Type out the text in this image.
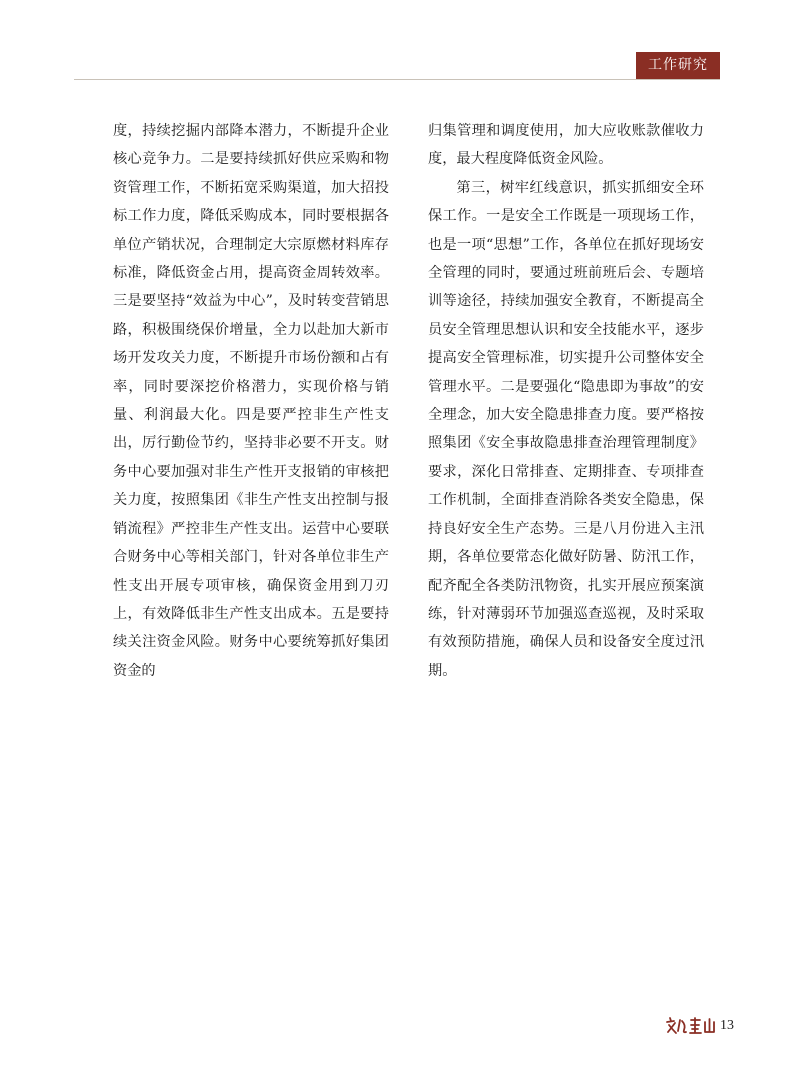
工作研究

度，持续挖掘内部降本潜力，不断提升企业核心竞争力。二是要持续抓好供应采购和物资管理工作，不断拓宽采购渠道，加大招投标工作力度，降低采购成本，同时要根据各单位产销状况，合理制定大宗原燃材料库存标准，降低资金占用，提高资金周转效率。三是要坚持“效益为中心”，及时转变营销思路，积极围绕保价增量，全力以赴加大新市场开发攻关力度，不断提升市场份额和占有率，同时要深挖价格潜力，实现价格与销量、利润最大化。四是要严控非生产性支出，厉行勤俭节约，坚持非必要不开支。财务中心要加强对非生产性开支报销的审核把关力度，按照集团《非生产性支出控制与报销流程》严控非生产性支出。运营中心要联合财务中心等相关部门，针对各单位非生产性支出开展专项审核，确保资金用到刀刃上，有效降低非生产性支出成本。五是要持续关注资金风险。财务中心要统筹抓好集团资金的

归集管理和调度使用，加大应收账款催收力度，最大程度降低资金风险。

第三，树牢红线意识，抓实抓细安全环保工作。一是安全工作既是一项现场工作，也是一项“思想”工作，各单位在抓好现场安全管理的同时，要通过班前班后会、专题培训等途径，持续加强安全教育，不断提高全员安全管理思想认识和安全技能水平，逐步提高安全管理标准，切实提升公司整体安全管理水平。二是要强化“隐患即为事故”的安全理念，加大安全隐患排查力度。要严格按照集团《安全事故隐患排查治理管理制度》要求，深化日常排查、定期排查、专项排查工作机制，全面排查消除各类安全隐患，保持良好安全生产态势。三是八月份进入主汛期，各单位要常态化做好防暑、防汛工作，配齐配全各类防汛物资，扎实开展应预案演练，针对薄弱环节加强巡查巡视，及时采取有效预防措施，确保人员和设备安全度过汛期。

13
